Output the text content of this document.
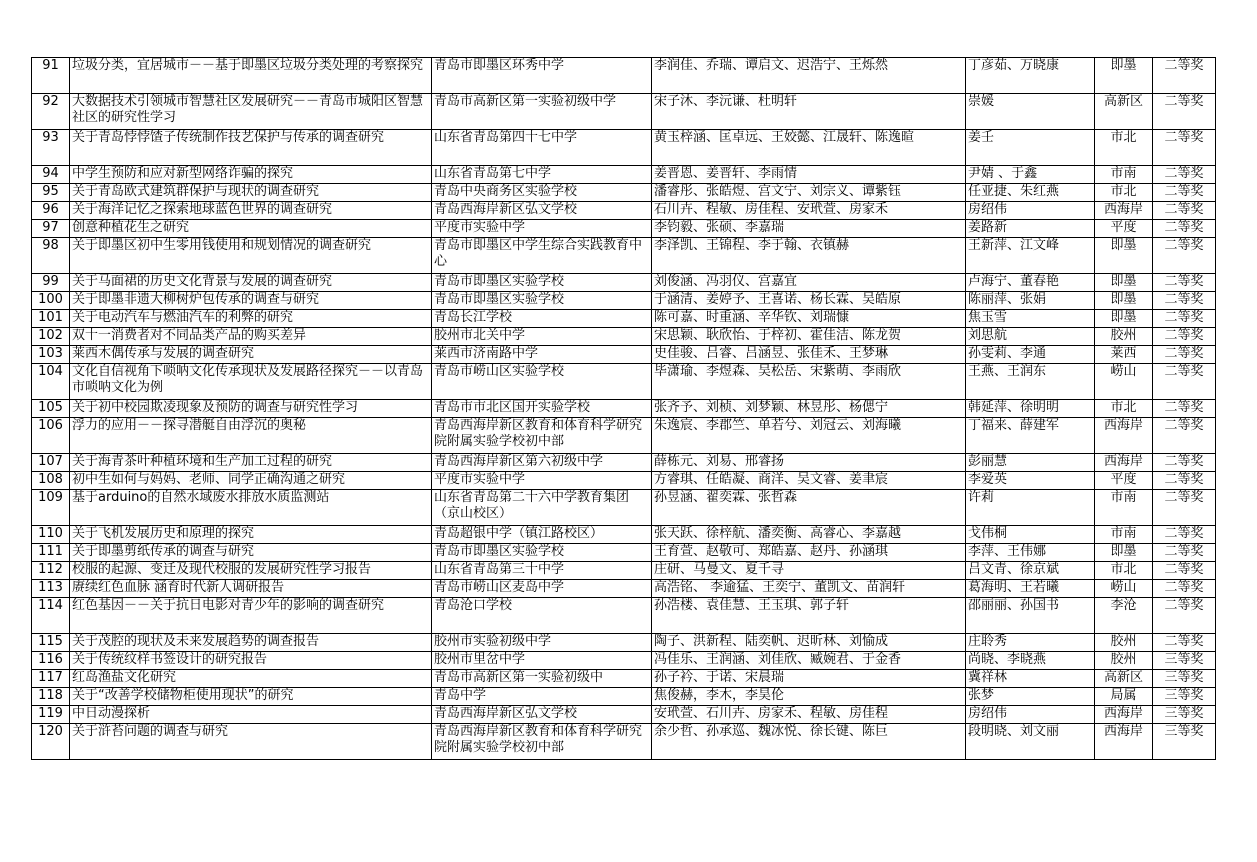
91	垃圾分类，宜居城市－－基于即墨区垃圾分类处理的考察探究	青岛市即墨区环秀中学	李润佳、乔瑞、谭启文、迟浩宁、王烁然	丁彦茹、万晓康	即墨	二等奖
92	大数据技术引领城市智慧社区发展研究－－青岛市城阳区智慧社区的研究性学习	青岛市高新区第一实验初级中学	宋子沐、李沅谦、杜明轩	崇媛	高新区	二等奖
93	关于青岛悖悖馇子传统制作技艺保护与传承的调查研究	山东省青岛第四十七中学	黄玉梓涵、匡卓远、王姣懿、江晟轩、陈逸暄	姜壬	市北	二等奖
94	中学生预防和应对新型网络诈骗的探究	山东省青岛第七中学	姜晋恩、姜晋轩、李雨情	尹婧 、于鑫	市南	二等奖
95	关于青岛欧式建筑群保护与现状的调查研究	青岛中央商务区实验学校	潘睿彤、张皓煜、宫文宁、刘宗义、谭紫钰	任亚捷、朱红燕	市北	二等奖
96	关于海洋记忆之探索地球蓝色世界的调查研究	青岛西海岸新区弘文学校	石川卉、程敏、房佳程、安玳萱、房家禾	房绍伟	西海岸	二等奖
97	创意种植花生之研究	平度市实验中学	李钧毅、张硕、李嘉瑞	姜路新	平度	二等奖
98	关于即墨区初中生零用钱使用和规划情况的调查研究	青岛市即墨区中学生综合实践教育中心	李泽凯、王锦程、李于翰、衣镇赫	王新萍、江文峰	即墨	二等奖
99	关于马面裙的历史文化背景与发展的调查研究	青岛市即墨区实验学校	刘俊涵、冯羽仪、宫嘉宜	卢海宁、董春艳	即墨	二等奖
100	关于即墨非遗大柳树炉包传承的调查与研究	青岛市即墨区实验学校	于涵清、姜婷予、王喜诺、杨长霖、吴皓原	陈丽萍、张娟	即墨	二等奖
101	关于电动汽车与燃油汽车的利弊的研究	青岛长江学校	陈可嘉、时重涵、辛华钦、刘瑞慷	焦玉雪	即墨	二等奖
102	双十一消费者对不同品类产品的购买差异	胶州市北关中学	宋思颖、耿欣怡、于梓初、霍佳洁、陈龙贺	刘思航	胶州	二等奖
103	莱西木偶传承与发展的调查研究	莱西市济南路中学	史佳骏、吕睿、吕涵昱、张佳禾、王梦琳	孙雯莉、李通	莱西	二等奖
104	文化自信视角下唢呐文化传承现状及发展路径探究－－以青岛市唢呐文化为例	青岛市崂山区实验学校	毕潇瑜、李煜森、吴松岳、宋紫萌、李雨欣	王燕、王润东	崂山	二等奖
105	关于初中校园欺凌现象及预防的调查与研究性学习	青岛市市北区国开实验学校	张齐予、刘桢、刘梦颖、林昱彤、杨偲宁	韩延萍、徐明明	市北	二等奖
106	浮力的应用－－探寻潜艇自由浮沉的奥秘	青岛西海岸新区教育和体育科学研究院附属实验学校初中部	朱逸宸、李郡竺、单若兮、刘冠云、刘海曦	丁福来、薛建军	西海岸	二等奖
107	关于海青茶叶种植环境和生产加工过程的研究	青岛西海岸新区第六初级中学	薛栋元、刘易、邢睿扬	彭丽慧	西海岸	二等奖
108	初中生如何与妈妈、老师、同学正确沟通之研究	平度市实验中学	方睿琪、任皓凝、商洋、吴文睿、姜聿宸	李爱英	平度	二等奖
109	基于arduino的自然水域废水排放水质监测站	山东省青岛第二十六中学教育集团（京山校区）	孙昱涵、翟奕霖、张哲森	许莉	市南	二等奖
110	关于飞机发展历史和原理的探究	青岛超银中学（镇江路校区）	张天跃、徐梓航、潘奕衡、高睿心、李嘉越	戈伟桐	市南	二等奖
111	关于即墨剪纸传承的调查与研究	青岛市即墨区实验学校	王育萱、赵敬可、郑皓嘉、赵丹、孙涵琪	李萍、王伟娜	即墨	二等奖
112	校服的起源、变迁及现代校服的发展研究性学习报告	山东省青岛第三十中学	庄研、马曼文、夏千寻	吕文青、徐京斌	市北	二等奖
113	赓续红色血脉 涵育时代新人调研报告	青岛市崂山区麦岛中学	高浩铭、 李逾猛、王奕宁、董凯文、苗润轩	葛海明、王若曦	崂山	二等奖
114	红色基因－－关于抗日电影对青少年的影响的调查研究	青岛沧口学校	孙浩楼、袁佳慧、王玉琪、郭子轩	邵丽丽、孙国书	李沧	二等奖
115	关于茂腔的现状及未来发展趋势的调查报告	胶州市实验初级中学	陶子、洪新程、陆奕帆、迟昕林、刘愉成	庄聆秀	胶州	二等奖
116	关于传统纹样书签设计的研究报告	胶州市里岔中学	冯佳乐、王润涵、刘佳欣、臧婉君、于金香	尚晓、李晓燕	胶州	三等奖
117	红岛渔盐文化研究	青岛市高新区第一实验初级中	孙子衿、于诺、宋晨瑞	冀祥林	高新区	三等奖
118	关于“改善学校储物柜使用现状”的研究	青岛中学	焦俊赫，李木，李昊伦	张梦	局属	三等奖
119	中日动漫探析	青岛西海岸新区弘文学校	安玳萱、石川卉、房家禾、程敏、房佳程	房绍伟	西海岸	三等奖
120	关于浒苔问题的调查与研究	青岛西海岸新区教育和体育科学研究院附属实验学校初中部	余少哲、孙承巡、魏冰悦、徐长键、陈巨	段明晓、刘文丽	西海岸	三等奖
